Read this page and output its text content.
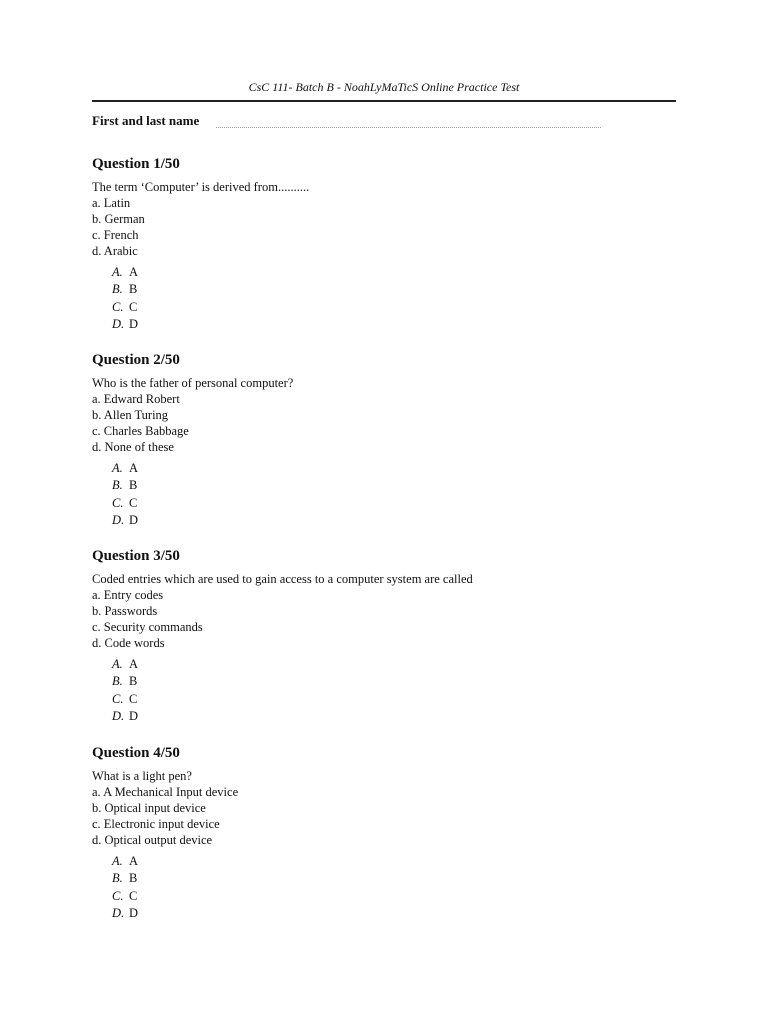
CsC 111- Batch B - NoahLyMaTicS Online Practice Test
First and last name
Question 1/50
The term ‘Computer’ is derived from..........
a. Latin
b. German
c. French
d. Arabic
A. A
B. B
C. C
D. D
Question 2/50
Who is the father of personal computer?
a. Edward Robert
b. Allen Turing
c. Charles Babbage
d. None of these
A. A
B. B
C. C
D. D
Question 3/50
Coded entries which are used to gain access to a computer system are called
a. Entry codes
b. Passwords
c. Security commands
d. Code words
A. A
B. B
C. C
D. D
Question 4/50
What is a light pen?
a. A Mechanical Input device
b. Optical input device
c. Electronic input device
d. Optical output device
A. A
B. B
C. C
D. D
